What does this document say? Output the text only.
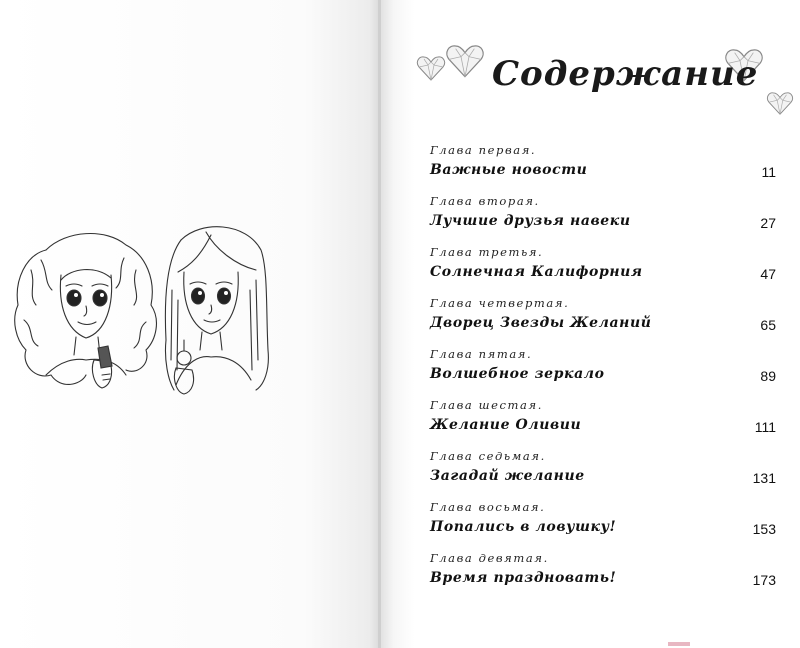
Содержание
Глава первая.
Важные новости	11
Глава вторая.
Лучшие друзья навеки	27
Глава третья.
Солнечная Калифорния	47
Глава четвертая.
Дворец Звезды Желаний	65
Глава пятая.
Волшебное зеркало	89
Глава шестая.
Желание Оливии	111
Глава седьмая.
Загадай желание	131
Глава восьмая.
Попались в ловушку!	153
Глава девятая.
Время праздновать!	173
